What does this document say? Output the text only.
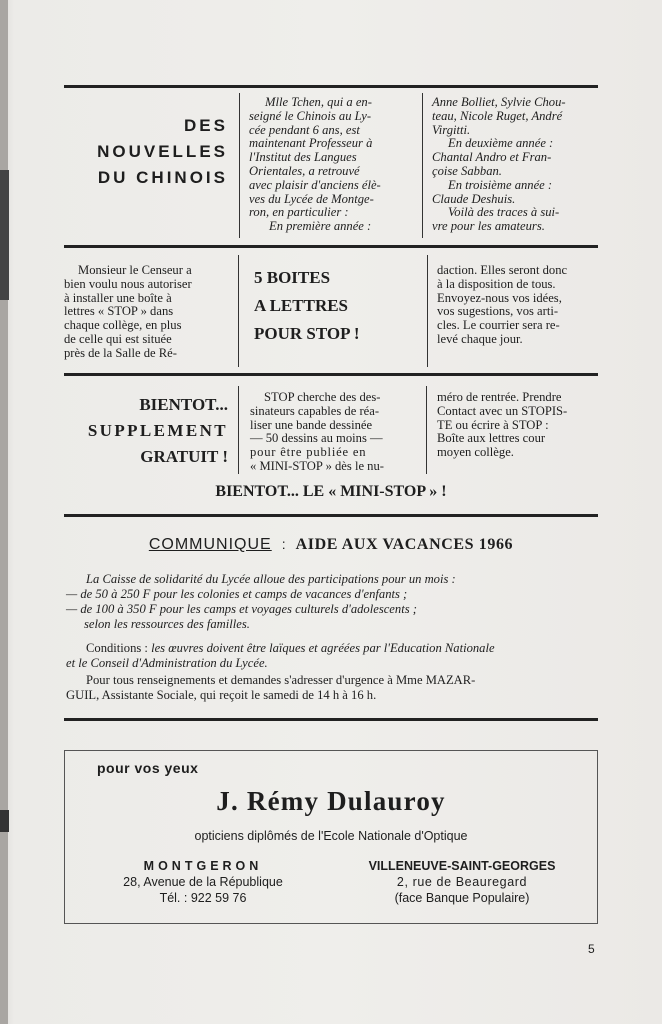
DES
NOUVELLES
DU CHINOIS
Mlle Tchen, qui a en-
seigné le Chinois au Ly-
cée pendant 6 ans, est
maintenant Professeur à
l'Institut des Langues
Orientales, a retrouvé
avec plaisir d'anciens élè-
ves du Lycée de Montge-
ron, en particulier :
En première année :
Anne Bolliet, Sylvie Chou-
teau, Nicole Ruget, André
Virgitti.
En deuxième année :
Chantal Andro et Fran-
çoise Sabban.
En troisième année :
Claude Deshuis.
Voilà des traces à sui-
vre pour les amateurs.
Monsieur le Censeur a
bien voulu nous autoriser
à installer une boîte à
lettres « STOP » dans
chaque collège, en plus
de celle qui est située
près de la Salle de Ré-
5 BOITES
A LETTRES
POUR STOP !
daction. Elles seront donc
à la disposition de tous.
Envoyez-nous vos idées,
vos sugestions, vos arti-
cles. Le courrier sera re-
levé chaque jour.
BIENTOT...
SUPPLEMENT
GRATUIT !
STOP cherche des des-
sinateurs capables de réa-
liser une bande dessinée
— 50 dessins au moins —
pour être publiée en
« MINI-STOP » dès le nu-
méro de rentrée. Prendre
Contact avec un STOPIS-
TE ou écrire à STOP :
Boîte aux lettres cour
moyen collège.
BIENTOT... LE « MINI-STOP » !
COMMUNIQUE : AIDE AUX VACANCES 1966
La Caisse de solidarité du Lycée alloue des participations pour un mois :
— de 50 à 250 F pour les colonies et camps de vacances d'enfants ;
— de 100 à 350 F pour les camps et voyages culturels d'adolescents ;
selon les ressources des familles.
Conditions : les œuvres doivent être laïques et agréées par l'Education Nationale
et le Conseil d'Administration du Lycée.
Pour tous renseignements et demandes s'adresser d'urgence à Mme MAZAR-
GUIL, Assistante Sociale, qui reçoit le samedi de 14 h à 16 h.
pour vos yeux
J. Rémy Dulauroy
opticiens diplômés de l'Ecole Nationale d'Optique
MONTGERON
28, Avenue de la République
Tél. : 922 59 76
VILLENEUVE-SAINT-GEORGES
2, rue de Beauregard
(face Banque Populaire)
5
